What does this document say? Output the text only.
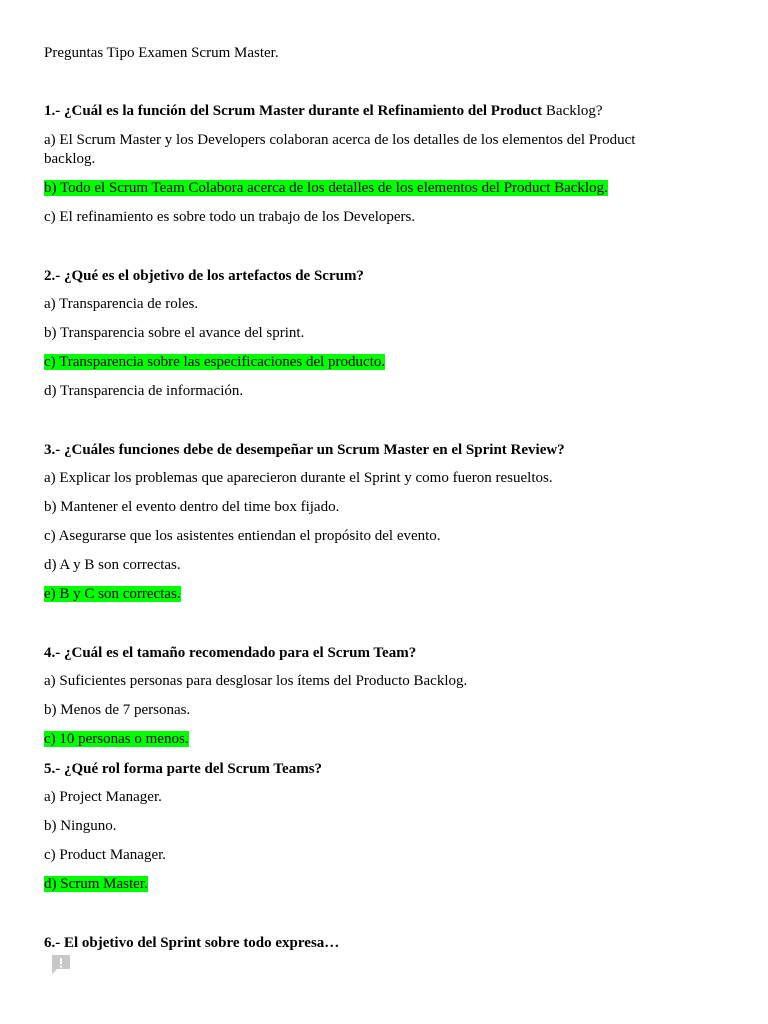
Preguntas Tipo Examen Scrum Master.
1.- ¿Cuál es la función del Scrum Master durante el Refinamiento del Product Backlog?
a) El Scrum Master y los Developers colaboran acerca de los detalles de los elementos del Product backlog.
b) Todo el Scrum Team Colabora acerca de los detalles de los elementos del Product Backlog.
c) El refinamiento es sobre todo un trabajo de los Developers.
2.- ¿Qué es el objetivo de los artefactos de Scrum?
a) Transparencia de roles.
b) Transparencia sobre el avance del sprint.
c) Transparencia sobre las especificaciones del producto.
d) Transparencia de información.
3.- ¿Cuáles funciones debe de desempeñar un Scrum Master en el Sprint Review?
a) Explicar los problemas que aparecieron durante el Sprint y como fueron resueltos.
b) Mantener el evento dentro del time box fijado.
c) Asegurarse que los asistentes entiendan el propósito del evento.
d) A y B son correctas.
e) B y C son correctas.
4.- ¿Cuál es el tamaño recomendado para el Scrum Team?
a) Suficientes personas para desglosar los ítems del Producto Backlog.
b) Menos de 7 personas.
c) 10 personas o menos.
5.- ¿Qué rol forma parte del Scrum Teams?
a) Project Manager.
b) Ninguno.
c) Product Manager.
d) Scrum Master.
6.- El objetivo del Sprint sobre todo expresa…
